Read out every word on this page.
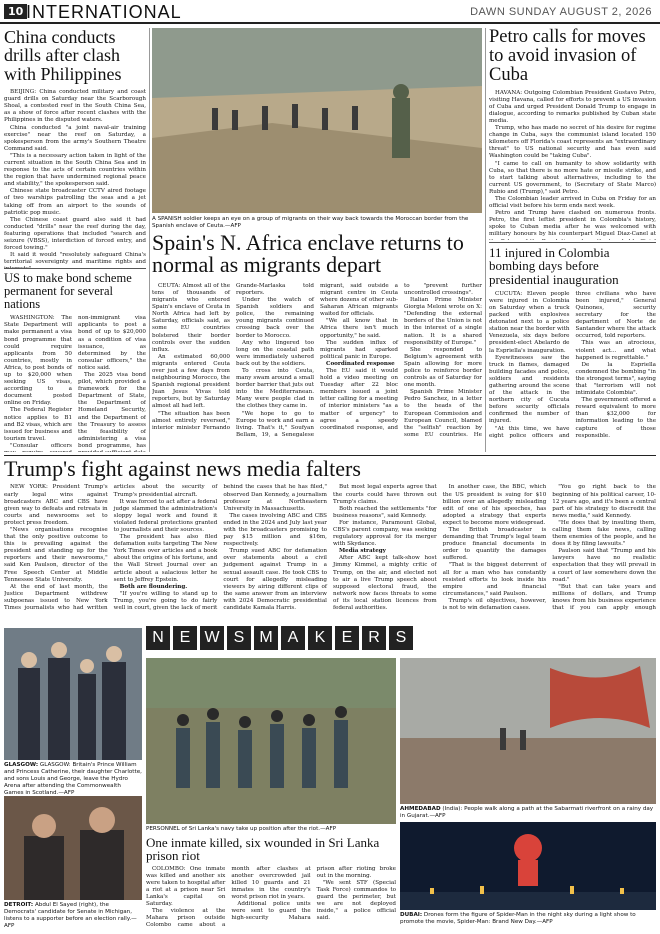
10 INTERNATIONAL	DAWN SUNDAY AUGUST 2, 2026
China conducts drills after clash with Philippines

BEIJING: China conducted military and coast guard drills on Saturday near the Scarborough Shoal, a contested reef in the South China Sea, as a show of force after recent clashes with the Philippines in the disputed waters.

China conducted "a joint naval-air training exercise" near the reef on Saturday, a spokesperson from the army's Southern Theatre Command said.

"This is a necessary action taken in light of the current situation in the South China Sea and in response to the acts of certain countries within the region that have undermined regional peace and stability," the spokesperson said.

Chinese state broadcaster CCTV aired footage of two warships patrolling the seas and a jet taking off from an airport to the sounds of patriotic pop music.

The Chinese coast guard also said it had conducted "drills" near the reef during the day, featuring operations that included "search and seizure (VBSS), interdiction of forced entry, and forced towing."

It said it would "resolutely safeguard China's territorial sovereignty and maritime rights and

US to make bond scheme permanent for several nations

WASHINGTON: The State Department will make permanent a visa bond programme that could require applicants from 50 countries, mostly in Africa, to post bonds of up to $20,000 when seeking US visas, according to a document posted online on Friday.

The Federal Register notice applies to B1 and B2 visas, which are issued for business and tourism travel.

"Consular officers non-immigrant visa applicants to post a bond of up to $20,000 as a condition of visa issuance, as determined by the consular officers," the notice said.

The 2025 visa bond pilot, which provided a framework for the Department of State, the Department of Homeland Security, and the Department of the Treasury to assess the feasibility of administering a visa bond programme, has

A SPANISH soldier keeps an eye on a group of migrants on their way back towards the Moroccan border from the Spanish enclave of Ceuta.—AFP
Spain's N. Africa enclave returns to normal as migrants depart

CEUTA: Almost all of the tens of thousands of migrants who entered Spain's enclave of Ceuta in North Africa had left by Saturday, officials said, as some EU countries bolstered their border controls over the sudden influx.

An estimated 60,000 migrants entered Ceuta over just a few days from neighbouring Morocco, the Spanish regional president Juan Jesus Vivas told reporters, but by Saturday almost all had left.

"The situation has been almost entirely reversed," interior minister Fernando Grande-Marlaska told reporters.

Under the watch of Spanish soldiers and police, the remaining young migrants continued crossing back over the border to Morocco.

Any who lingered too long on the coastal path were immediately ushered back out by the soldiers.

To cross into Ceuta, many swam around a small border barrier that juts out into the Mediterranean. Many were people clad in the clothes they came in.

"We hope to go to Europe to work and earn a living. That's it," Soufyan Bellam, 19, a Senegalese migrant, said outside a migrant centre in Ceuta where dozens of other sub-Saharan African migrants waited for officials.

"We all know that in Africa there isn't much opportunity," he said.

The sudden influx of migrants had sparked political panic in Europe.

Coordinated response

The EU said it would hold a video meeting on Tuesday after 22 bloc members issued a joint letter calling for a meeting of interior ministers "as a matter of urgency" to agree a speedy coordinated response, and to "prevent further uncontrolled crossings".

Italian Prime Minister Giorgia Meloni wrote on X: "Defending the external borders of the Union is not in the interest of a single nation. It is a shared responsibility of Europe."

She responded to Belgium's agreement with Spain allowing for more police to reinforce border controls as of Saturday for one month.

Spanish Prime Minister Pedro Sanchez, in a letter to the heads of the European Commission and European Council, blamed the "selfish" reaction by some EU countries. He

Petro calls for moves to avoid invasion of Cuba

HAVANA: Outgoing Colombian President Gustavo Petro, visiting Havana, called for efforts to prevent a US invasion of Cuba and urged President Donald Trump to engage in dialogue, according to remarks published by Cuban state media.

Trump, who has made no secret of his desire for regime change in Cuba, says the communist island located 150 kilometers off Florida's coast represents an "extraordinary threat" to US national security and has even said Washington could be "taking Cuba".

"I came to call on humanity to show solidarity with Cuba, so that there is no more hate or missile strike, and to start talking about alternatives, including to the current US government, to (Secretary of State Marco) Rubio and (Trump)," said Petro.

The Colombian leader arrived in Cuba on Friday for an official visit before his term ends next week.

Petro and Trump have clashed on numerous fronts. Petro, the first leftist president in Colombia's history, spoke to Cuban media after he was welcomed with military honours by his counterpart Miguel Diaz-Canel at

11 injured in Colombia bombing days before presidential inauguration

CUCUTA: Eleven people were injured in Colombia on Saturday when a truck packed with explosives detonated next to a police station near the border with Venezuela, six days before president-elect Abelardo de la Espriella's inauguration.

Eyewitnesses saw the truck in flames, damaged building facades and police, soldiers and residents gathering around the scene of the attack in the northern city of Cucuta before security officials confirmed the number of injured.

"At this time, we have eight police officers and three civilians who have been injured," General Quinones, security secretary for the department of Norte de Santander where the attack occurred, told reporters.

This was an atrocious, violent act... and what happened is regrettable."

De la Espriella condemned the bombing "in the strongest terms", saying that "terrorism will not intimidate Colombia".

The government offered a reward equivalent to more than $32,000 for information leading to the capture of those responsible.

Trump's fight against news media falters

NEW YORK: President Trump's early legal wins against broadcasters ABC and CBS have given way to defeats and retreats in courts and newsrooms set to protect press freedom.

"News organisations recognise that the only positive outcome to this is prevailing against the president and standing up for the reporters and their newsrooms," said Ken Paulson, director of the Free Speech Center at Middle Tennessee State University.

At the end of last month, the Justice Department withdrew subpoenas issued to New York Times journalists who had written articles about the security of Trump's presidential aircraft.

It was forced to act after a federal judge slammed the administration's sloppy legal work and found it violated federal protections granted to journalists and their sources.

The president has also filed defamation suits targeting The New York Times over articles and a book about the origins of his fortune, and the Wall Street Journal over an article about a salacious letter he sent to Jeffrey Epstein.

Both are floundering.

"If you're willing to stand up to Trump, you're going to do fairly well in court, given the lack of merit behind the cases that he has filed," observed Dan Kennedy, a journalism professor at Northeastern University in Massachusetts.

The cases involving ABC and CBS ended in the 2024 and July last year with the broadcasters promising to pay $15 million and $16m, respectively.

Trump sued ABC for defamation over statements about a civil judgement against Trump in a sexual assault case. He took CBS to court for allegedly misleading viewers by airing different clips of the same answer from an interview with 2024 Democratic presidential candidate Kamala Harris.

But most legal experts agree that the courts could have thrown out Trump's claims.

Both reached the settlements "for business reasons", said Kennedy.

For instance, Paramount Global, CBS's parent company, was seeking regulatory approval for its merger with Skydance.

Media strategy

After ABC kept talk-show host Jimmy Kimmel, a mighty critic of Trump, on the air, and elected not to air a live Trump speech about supposed electoral fraud, the network now faces threats to some of its local station licences from federal authorities.

In another case, the BBC, which the US president is suing for $10 billion over an allegedly misleading edit of one of his speeches, has adopted a strategy that experts expect to become more widespread.

The British broadcaster is demanding that Trump's legal team produce financial documents in order to quantify the damages suffered.

"That is the biggest deterrent of all for a man who has constantly resisted efforts to look inside his empire and financial circumstances," said Paulson.

Trump's oil objectives, however, is not to win defamation cases.

"You go right back to the beginning of his political career, 10-12 years ago, and it's been a central part of his strategy to discredit the news media," said Kennedy.

"He does that by insulting them, calling them fake news, calling them enemies of the people, and he does it by filing lawsuits."

Paulson said that "Trump and his lawyers have no realistic expectation that they will prevail in a court of law somewhere down the road."

"But that can take years and millions of dollars, and Trump knows from his business experience that if you can apply enough

GLASGOW: GLASGOW: Britain's Prince William and Princess Catherine, their daughter Charlotte, and sons Louis and George, leave the Hydro Arena after attending the Commonwealth Games in Scotland.—AFP
DETROIT: Abdul El Sayed (right), the Democrats' candidate for Senate in Michigan, listens to a supporter before an election rally.—AFP
N E W S M A K E R S
PERSONNEL of Sri Lanka's navy take up position after the riot.—AFP
AHMEDABAD (India): People walk along a path at the Sabarmati riverfront on a rainy day in Gujarat.—AFP
One inmate killed, six wounded in Sri Lanka prison riot

COLOMBO: One inmate was killed and another six were taken to hospital after a riot at a prison near Sri Lanka's capital on Saturday.

The violence at the Mahara prison outside Colombo came about a month after clashes at another overcrowded jail killed 10 guards and 21 inmates in the country's worst prison riot in years.

Additional police units were sent to guard the high-security Mahara prison after rioting broke out in the morning.

"We sent STF (Special Task Force) commandos to guard the perimeter, but we are not deployed inside," a police official said.

DUBAI: Drones form the figure of Spider-Man in the night sky during a light show to promote the movie, Spider-Man: Brand New Day.—AFP
